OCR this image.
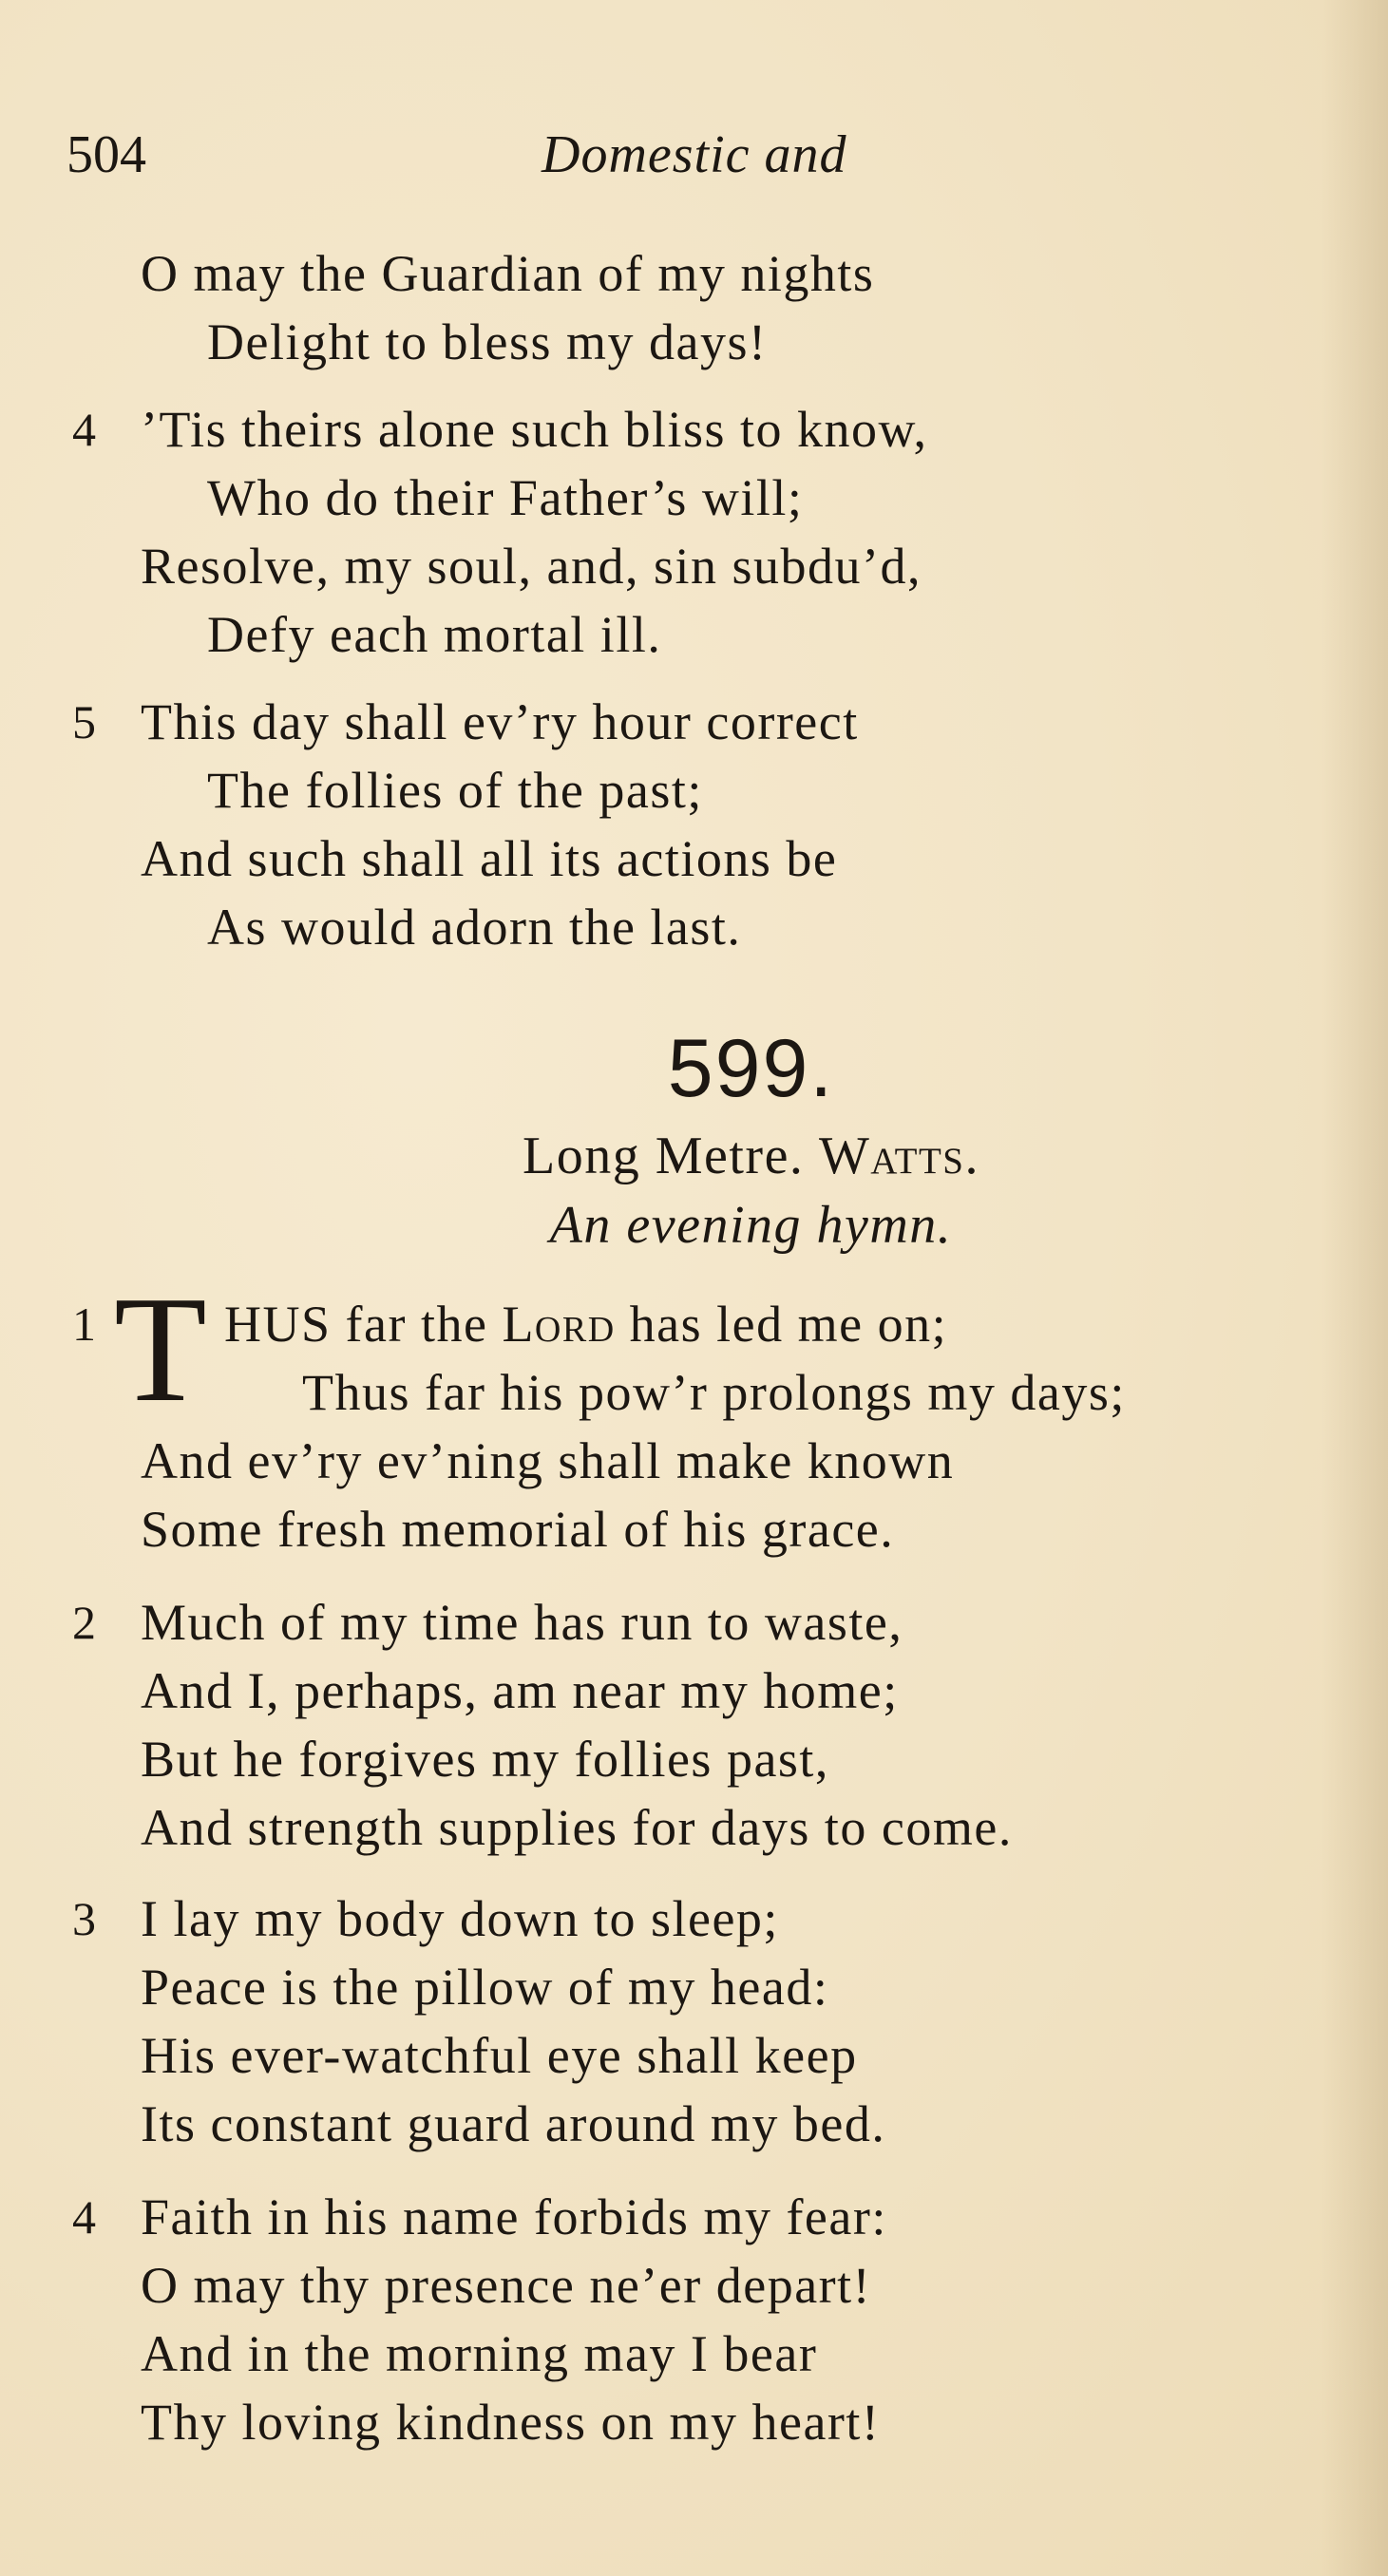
504	Domestic and
O may the Guardian of my nights
Delight to bless my days!
4 ’Tis theirs alone such bliss to know,
Who do their Father’s will;
Resolve, my soul, and, sin subdu’d,
Defy each mortal ill.
5 This day shall ev’ry hour correct
The follies of the past;
And such shall all its actions be
As would adorn the last.
599.
Long Metre. Watts.
An evening hymn.
1 T HUS far the Lord has led me on;
Thus far his pow’r prolongs my days;
And ev’ry ev’ning shall make known
Some fresh memorial of his grace.
2 Much of my time has run to waste,
And I, perhaps, am near my home;
But he forgives my follies past,
And strength supplies for days to come.
3 I lay my body down to sleep;
Peace is the pillow of my head:
His ever-watchful eye shall keep
Its constant guard around my bed.
4 Faith in his name forbids my fear:
O may thy presence ne’er depart!
And in the morning may I bear
Thy loving kindness on my heart!
